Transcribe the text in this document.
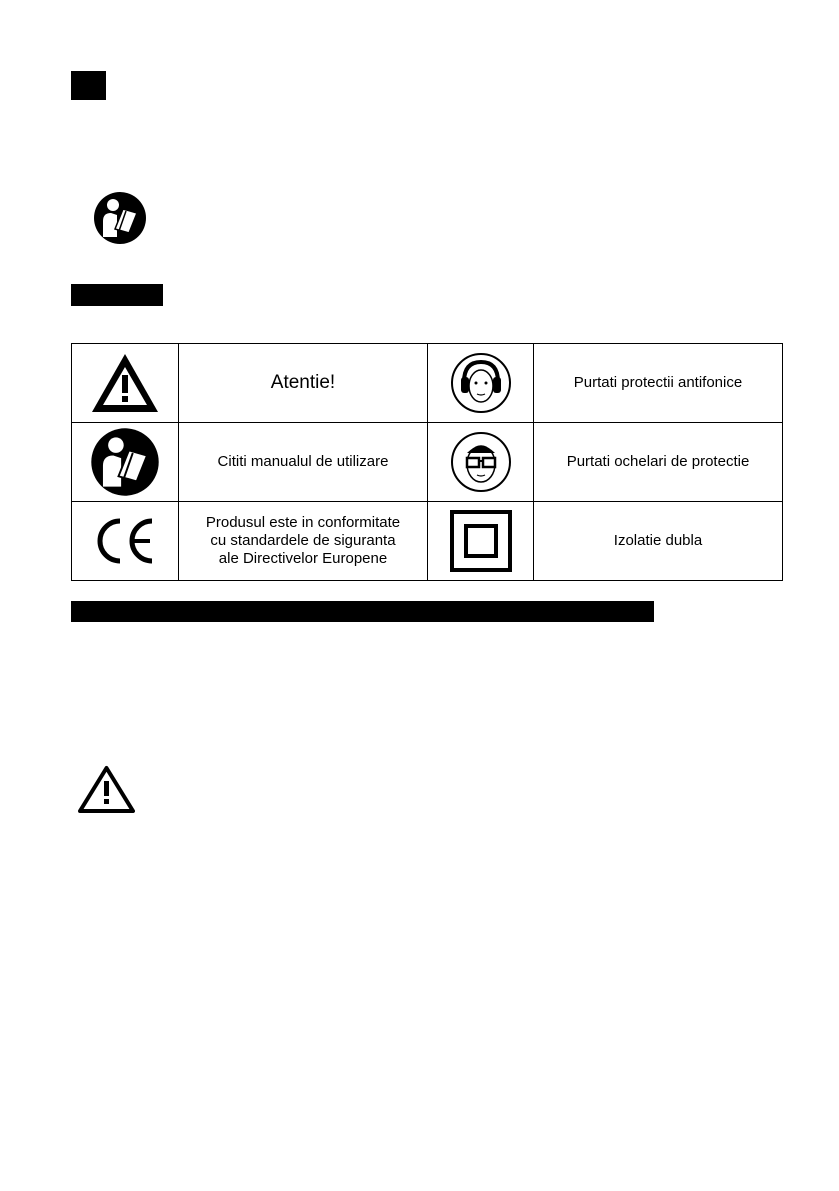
	Atentie!		Purtati protectii antifonice

	Cititi manualul de utilizare		Purtati ochelari de protectie

	Produsul este in conformitate
cu standardele de siguranta
ale Directivelor Europene		Izolatie dubla
